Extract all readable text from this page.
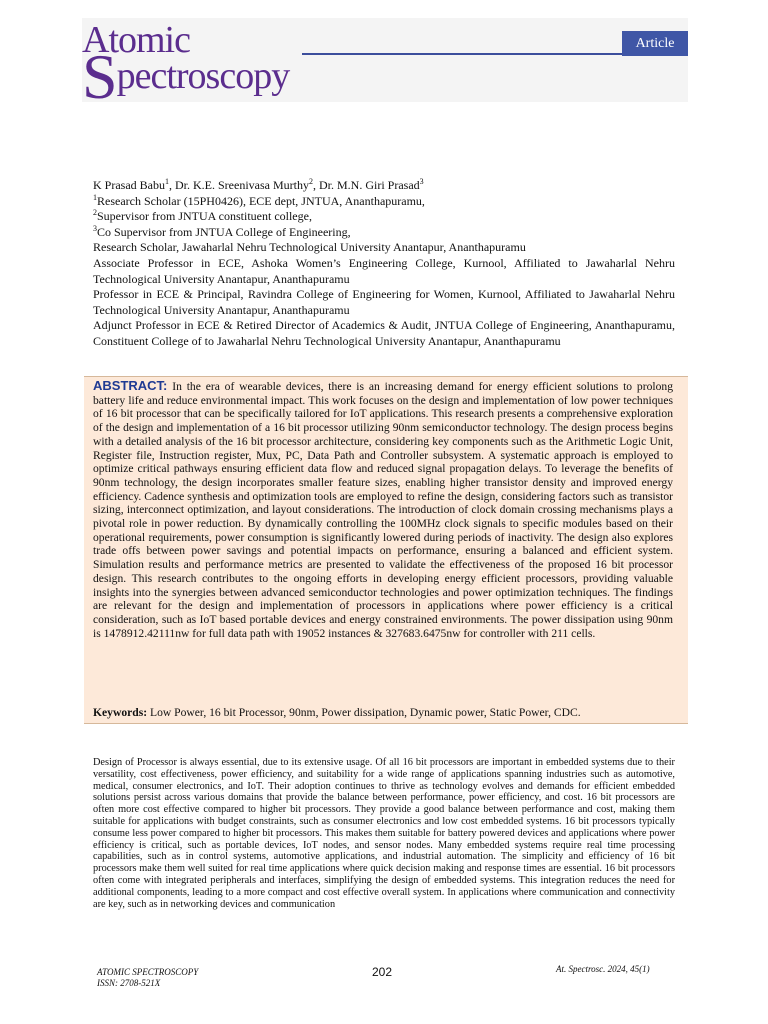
Atomic
Spectroscopy
Article

K Prasad Babu$^1$, Dr. K.E. Sreenivasa Murthy$^2$, Dr. M.N. Giri Prasad$^3$

$^1$Research Scholar (15PH0426), ECE dept, JNTUA, Ananthapuramu,

$^2$Supervisor from JNTUA constituent college,

$^3$Co Supervisor from JNTUA College of Engineering,

Research Scholar, Jawaharlal Nehru Technological University Anantapur, Ananthapuramu

Associate Professor in ECE, Ashoka Women’s Engineering College, Kurnool, Affiliated to Jawaharlal Nehru Technological University Anantapur, Ananthapuramu

Professor in ECE & Principal, Ravindra College of Engineering for Women, Kurnool, Affiliated to Jawaharlal Nehru Technological University Anantapur, Ananthapuramu

Adjunct Professor in ECE & Retired Director of Academics & Audit, JNTUA College of Engineering, Ananthapuramu, Constituent College of to Jawaharlal Nehru Technological University Anantapur, Ananthapuramu

ABSTRACT: In the era of wearable devices, there is an increasing demand for energy efficient solutions to prolong battery life and reduce environmental impact. This work focuses on the design and implementation of low power techniques of 16 bit processor that can be specifically tailored for IoT applications. This research presents a comprehensive exploration of the design and implementation of a 16 bit processor utilizing 90nm semiconductor technology. The design process begins with a detailed analysis of the 16 bit processor architecture, considering key components such as the Arithmetic Logic Unit, Register file, Instruction register, Mux, PC, Data Path and Controller subsystem. A systematic approach is employed to optimize critical pathways ensuring efficient data flow and reduced signal propagation delays. To leverage the benefits of 90nm technology, the design incorporates smaller feature sizes, enabling higher transistor density and improved energy efficiency. Cadence synthesis and optimization tools are employed to refine the design, considering factors such as transistor sizing, interconnect optimization, and layout considerations. The introduction of clock domain crossing mechanisms plays a pivotal role in power reduction. By dynamically controlling the 100MHz clock signals to specific modules based on their operational requirements, power consumption is significantly lowered during periods of inactivity. The design also explores trade offs between power savings and potential impacts on performance, ensuring a balanced and efficient system. Simulation results and performance metrics are presented to validate the effectiveness of the proposed 16 bit processor design. This research contributes to the ongoing efforts in developing energy efficient processors, providing valuable insights into the synergies between advanced semiconductor technologies and power optimization techniques. The findings are relevant for the design and implementation of processors in applications where power efficiency is a critical consideration, such as IoT based portable devices and energy constrained environments. The power dissipation using 90nm is 1478912.42111nw for full data path with 19052 instances & 327683.6475nw for controller with 211 cells.
Keywords: Low Power, 16 bit Processor, 90nm, Power dissipation, Dynamic power, Static Power, CDC.
Design of Processor is always essential, due to its extensive usage. Of all 16 bit processors are important in embedded systems due to their versatility, cost effectiveness, power efficiency, and suitability for a wide range of applications spanning industries such as automotive, medical, consumer electronics, and IoT. Their adoption continues to thrive as technology evolves and demands for efficient embedded solutions persist across various domains that provide the balance between performance, power efficiency, and cost. 16 bit processors are often more cost effective compared to higher bit processors. They provide a good balance between performance and cost, making them suitable for applications with budget constraints, such as consumer electronics and low cost embedded systems. 16 bit processors typically consume less power compared to higher bit processors. This makes them suitable for battery powered devices and applications where power efficiency is critical, such as portable devices, IoT nodes, and sensor nodes. Many embedded systems require real time processing capabilities, such as in control systems, automotive applications, and industrial automation. The simplicity and efficiency of 16 bit processors make them well suited for real time applications where quick decision making and response times are essential. 16 bit processors often come with integrated peripherals and interfaces, simplifying the design of embedded systems. This integration reduces the need for additional components, leading to a more compact and cost effective overall system. In applications where communication and connectivity are key, such as in networking devices and communication
ATOMIC SPECTROSCOPY
ISSN: 2708-521X
202	At. Spectrosc. 2024, 45(1)
